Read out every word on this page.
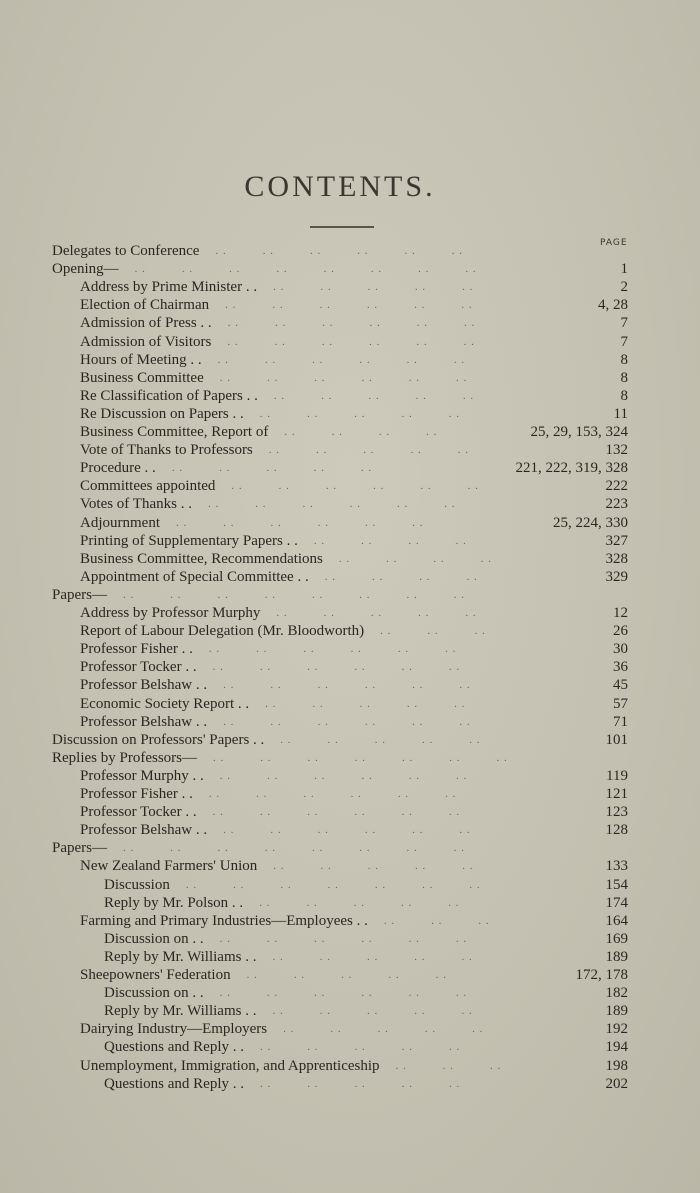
CONTENTS.
PAGE
Delegates to Conference . .   . .   . .   . .   . .   . .   
Opening—	1
. .   . .   . .   . .   . .   . .   . .   . .   
Address by Prime Minister . .	2
. .   . .   . .   . .   . .   
Election of Chairman	4, 28
. .   . .   . .   . .   . .   . .   
Admission of Press . .	7
. .   . .   . .   . .   . .   . .   
Admission of Visitors	7
. .   . .   . .   . .   . .   . .   
Hours of Meeting . .	8
. .   . .   . .   . .   . .   . .   
Business Committee	8
. .   . .   . .   . .   . .   . .   
Re Classification of Papers . .	8
. .   . .   . .   . .   . .   
Re Discussion on Papers . .	11
. .   . .   . .   . .   . .   
Business Committee, Report of	25, 29, 153, 324
. .   . .   . .   . .   
Vote of Thanks to Professors	132
. .   . .   . .   . .   . .   
Procedure . .	221, 222, 319, 328
. .   . .   . .   . .   . .   
Committees appointed	222
. .   . .   . .   . .   . .   . .   
Votes of Thanks . .	223
. .   . .   . .   . .   . .   . .   
Adjournment	25, 224, 330
. .   . .   . .   . .   . .   . .   
Printing of Supplementary Papers . .	327
. .   . .   . .   . .   
Business Committee, Recommendations	328
. .   . .   . .   . .   
Appointment of Special Committee . .	329
. .   . .   . .   . .   
Papers— . .   . .   . .   . .   . .   . .   . .   . .   
Address by Professor Murphy	12
. .   . .   . .   . .   . .   
Report of Labour Delegation (Mr. Bloodworth)	26
. .   . .   . .   
Professor Fisher . .	30
. .   . .   . .   . .   . .   . .   
Professor Tocker . .	36
. .   . .   . .   . .   . .   . .   
Professor Belshaw . .	45
. .   . .   . .   . .   . .   . .   
Economic Society Report . .	57
. .   . .   . .   . .   . .   
Professor Belshaw . .	71
. .   . .   . .   . .   . .   . .   
Discussion on Professors' Papers . .	101
. .   . .   . .   . .   . .   
Replies by Professors— . .   . .   . .   . .   . .   . .   . .   
Professor Murphy . .	119
. .   . .   . .   . .   . .   . .   
Professor Fisher . .	121
. .   . .   . .   . .   . .   . .   
Professor Tocker . .	123
. .   . .   . .   . .   . .   . .   
Professor Belshaw . .	128
. .   . .   . .   . .   . .   . .   
Papers— . .   . .   . .   . .   . .   . .   . .   . .   
New Zealand Farmers' Union	133
. .   . .   . .   . .   . .   
Discussion	154
. .   . .   . .   . .   . .   . .   . .   
Reply by Mr. Polson . .	174
. .   . .   . .   . .   . .   
Farming and Primary Industries—Employees . .	164
. .   . .   . .   
Discussion on . .	169
. .   . .   . .   . .   . .   . .   
Reply by Mr. Williams . .	189
. .   . .   . .   . .   . .   
Sheepowners' Federation	172, 178
. .   . .   . .   . .   . .   
Discussion on . .	182
. .   . .   . .   . .   . .   . .   
Reply by Mr. Williams . .	189
. .   . .   . .   . .   . .   
Dairying Industry—Employers	192
. .   . .   . .   . .   . .   
Questions and Reply . .	194
. .   . .   . .   . .   . .   
Unemployment, Immigration, and Apprenticeship	198
. .   . .   . .   
Questions and Reply . .	202
. .   . .   . .   . .   . .   
